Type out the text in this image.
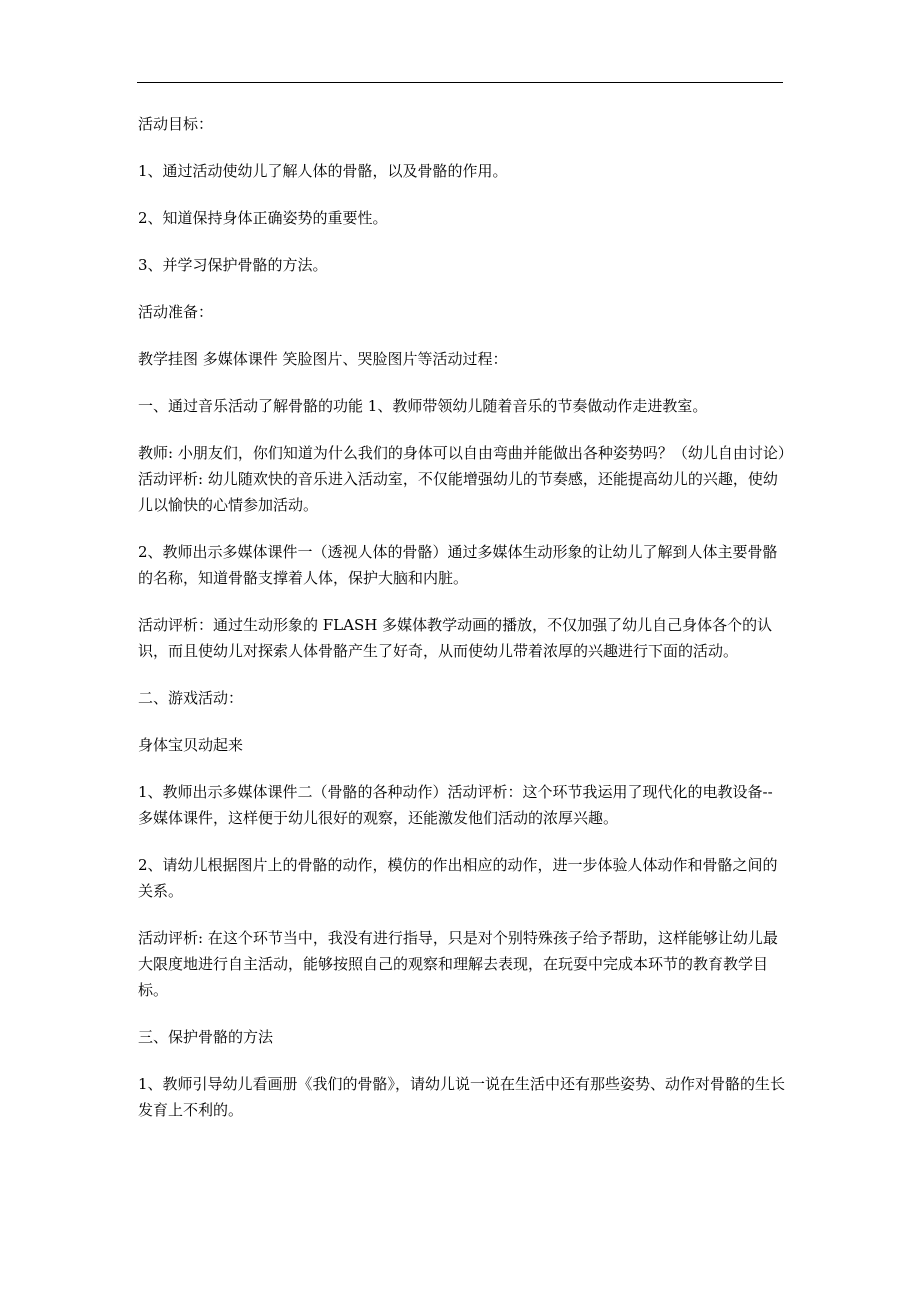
活动目标：

1、通过活动使幼儿了解人体的骨骼，以及骨骼的作用。

2、知道保持身体正确姿势的重要性。

3、并学习保护骨骼的方法。

活动准备：

教学挂图 多媒体课件 笑脸图片、哭脸图片等活动过程：

一、通过音乐活动了解骨骼的功能 1、教师带领幼儿随着音乐的节奏做动作走进教室。

教师: 小朋友们，你们知道为什么我们的身体可以自由弯曲并能做出各种姿势吗？（幼儿自由讨论）活动评析: 幼儿随欢快的音乐进入活动室，不仅能增强幼儿的节奏感，还能提高幼儿的兴趣，使幼儿以愉快的心情参加活动。

2、教师出示多媒体课件一（透视人体的骨骼）通过多媒体生动形象的让幼儿了解到人体主要骨骼的名称，知道骨骼支撑着人体，保护大脑和内脏。

活动评析：通过生动形象的 FLASH 多媒体教学动画的播放，不仅加强了幼儿自己身体各个的认识，而且使幼儿对探索人体骨骼产生了好奇，从而使幼儿带着浓厚的兴趣进行下面的活动。

二、游戏活动：

身体宝贝动起来

1、教师出示多媒体课件二（骨骼的各种动作）活动评析：这个环节我运用了现代化的电教设备--多媒体课件，这样便于幼儿很好的观察，还能激发他们活动的浓厚兴趣。

2、请幼儿根据图片上的骨骼的动作，模仿的作出相应的动作，进一步体验人体动作和骨骼之间的关系。

活动评析: 在这个环节当中，我没有进行指导，只是对个别特殊孩子给予帮助，这样能够让幼儿最大限度地进行自主活动，能够按照自己的观察和理解去表现，在玩耍中完成本环节的教育教学目标。

三、保护骨骼的方法

1、教师引导幼儿看画册《我们的骨骼》，请幼儿说一说在生活中还有那些姿势、动作对骨骼的生长发育上不利的。
